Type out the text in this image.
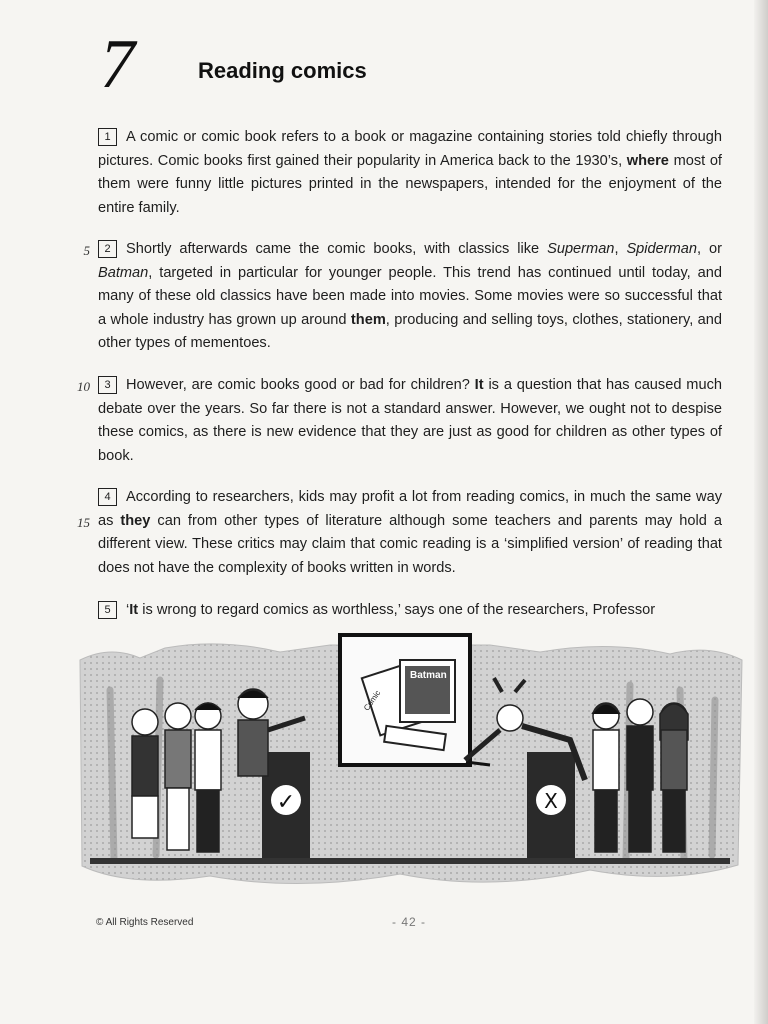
7	Reading comics

1 A comic or comic book refers to a book or magazine containing stories told chiefly through pictures. Comic books first gained their popularity in America back to the 1930’s, where most of them were funny little pictures printed in the newspapers, intended for the enjoyment of the entire family.

2 Shortly afterwards came the comic books, with classics like Superman, Spiderman, or Batman, targeted in particular for younger people. This trend has continued until today, and many of these old classics have been made into movies. Some movies were so successful that a whole industry has grown up around them, producing and selling toys, clothes, stationery, and other types of mementoes.

3 However, are comic books good or bad for children? It is a question that has caused much debate over the years. So far there is not a standard answer. However, we ought not to despise these comics, as there is new evidence that they are just as good for children as other types of book.

4 According to researchers, kids may profit a lot from reading comics, in much the same way as they can from other types of literature although some teachers and parents may hold a different view. These critics may claim that comic reading is a ‘simplified version’ of reading that does not have the complexity of books written in words.

5 ‘It is wrong to regard comics as worthless,’ says one of the researchers, Professor

5
10
15
Batman
Comic
✓	X
© All Rights Reserved	- 42 -
